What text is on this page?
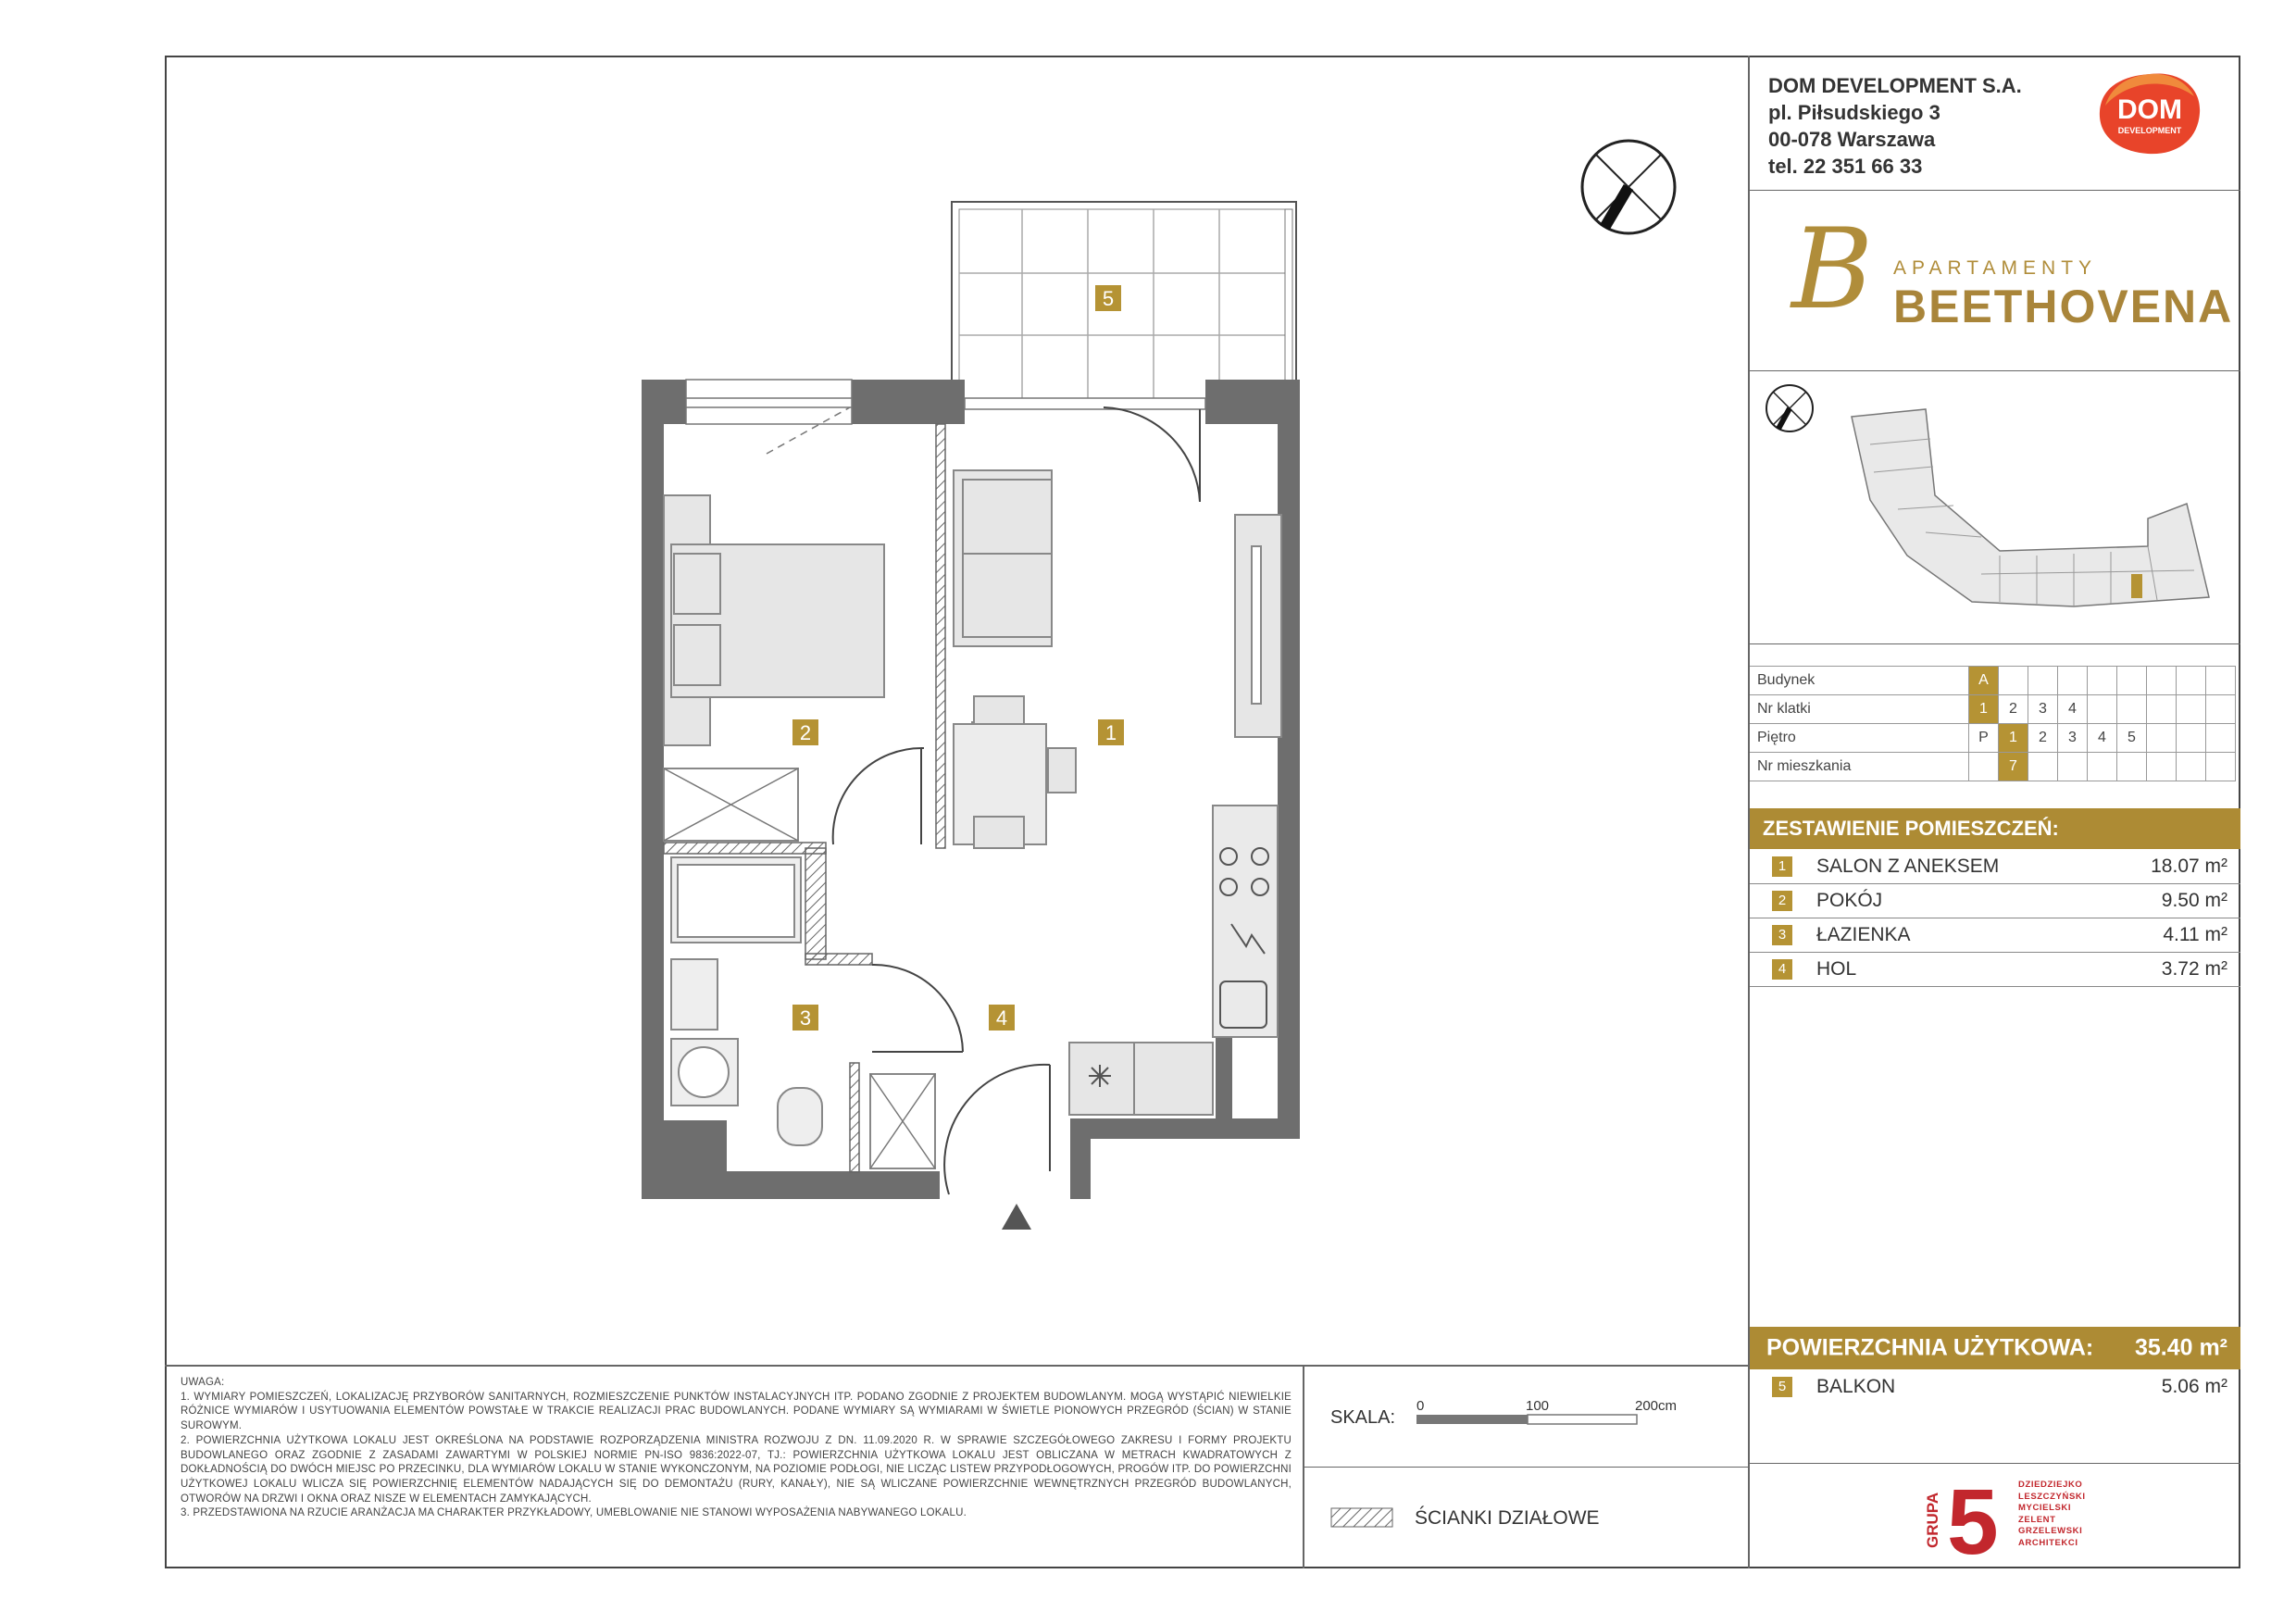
DOM DEVELOPMENT S.A.
pl. Piłsudskiego 3
00-078 Warszawa
tel. 22 351 66 33
DOM
DEVELOPMENT
B APARTAMENTY
BEETHOVENA
Budynek	A								
Nr klatki	1	2	3	4					
Piętro	P	1	2	3	4	5			
Nr mieszkania		7							
ZESTAWIENIE POMIESZCZEŃ:
1	SALON Z ANEKSEM	18.07 m²
2	POKÓJ	9.50 m²
3	ŁAZIENKA	4.11 m²
4	HOL	3.72 m²
POWIERZCHNIA UŻYTKOWA: 35.40 m²
5	BALKON	5.06 m²
1
2
3	4
5

UWAGA:

1. WYMIARY POMIESZCZEŃ, LOKALIZACJĘ PRZYBORÓW SANITARNYCH, ROZMIESZCZENIE PUNKTÓW INSTALACYJNYCH ITP. PODANO ZGODNIE Z PROJEKTEM BUDOWLANYM. MOGĄ WYSTĄPIĆ NIEWIELKIE RÓŻNICE WYMIARÓW I USYTUOWANIA ELEMENTÓW POWSTAŁE W TRAKCIE REALIZACJI PRAC BUDOWLANYCH. PODANE WYMIARY SĄ WYMIARAMI W ŚWIETLE PIONOWYCH PRZEGRÓD (ŚCIAN) W STANIE SUROWYM.

2. POWIERZCHNIA UŻYTKOWA LOKALU JEST OKREŚLONA NA PODSTAWIE ROZPORZĄDZENIA MINISTRA ROZWOJU Z DN. 11.09.2020 R. W SPRAWIE SZCZEGÓŁOWEGO ZAKRESU I FORMY PROJEKTU BUDOWLANEGO ORAZ ZGODNIE Z ZASADAMI ZAWARTYMI W POLSKIEJ NORMIE PN-ISO 9836:2022-07, TJ.: POWIERZCHNIA UŻYTKOWA LOKALU JEST OBLICZANA W METRACH KWADRATOWYCH Z DOKŁADNOŚCIĄ DO DWÓCH MIEJSC PO PRZECINKU, DLA WYMIARÓW LOKALU W STANIE WYKONCZONYM, NA POZIOMIE PODŁOGI, NIE LICZĄC LISTEW PRZYPODŁOGOWYCH, PROGÓW ITP. DO POWIERZCHNI UŻYTKOWEJ LOKALU WLICZA SIĘ POWIERZCHNIĘ ELEMENTÓW NADAJĄCYCH SIĘ DO DEMONTAŻU (RURY, KANAŁY), NIE SĄ WLICZANE POWIERZCHNIE WEWNĘTRZNYCH PRZEGRÓD BUDOWLANYCH, OTWORÓW NA DRZWI I OKNA ORAZ NISZE W ELEMENTACH ZAMYKAJĄCYCH.

3. PRZEDSTAWIONA NA RZUCIE ARANŻACJA MA CHARAKTER PRZYKŁADOWY, UMEBLOWANIE NIE STANOWI WYPOSAŻENIA NABYWANEGO LOKALU.

SKALA:
0	100	200cm
ŚCIANKI DZIAŁOWE	GRUPA 5 DZIEDZIEJKO
LESZCZYŃSKI
MYCIELSKI
ZELENT
GRZELEWSKI
ARCHITEKCI
